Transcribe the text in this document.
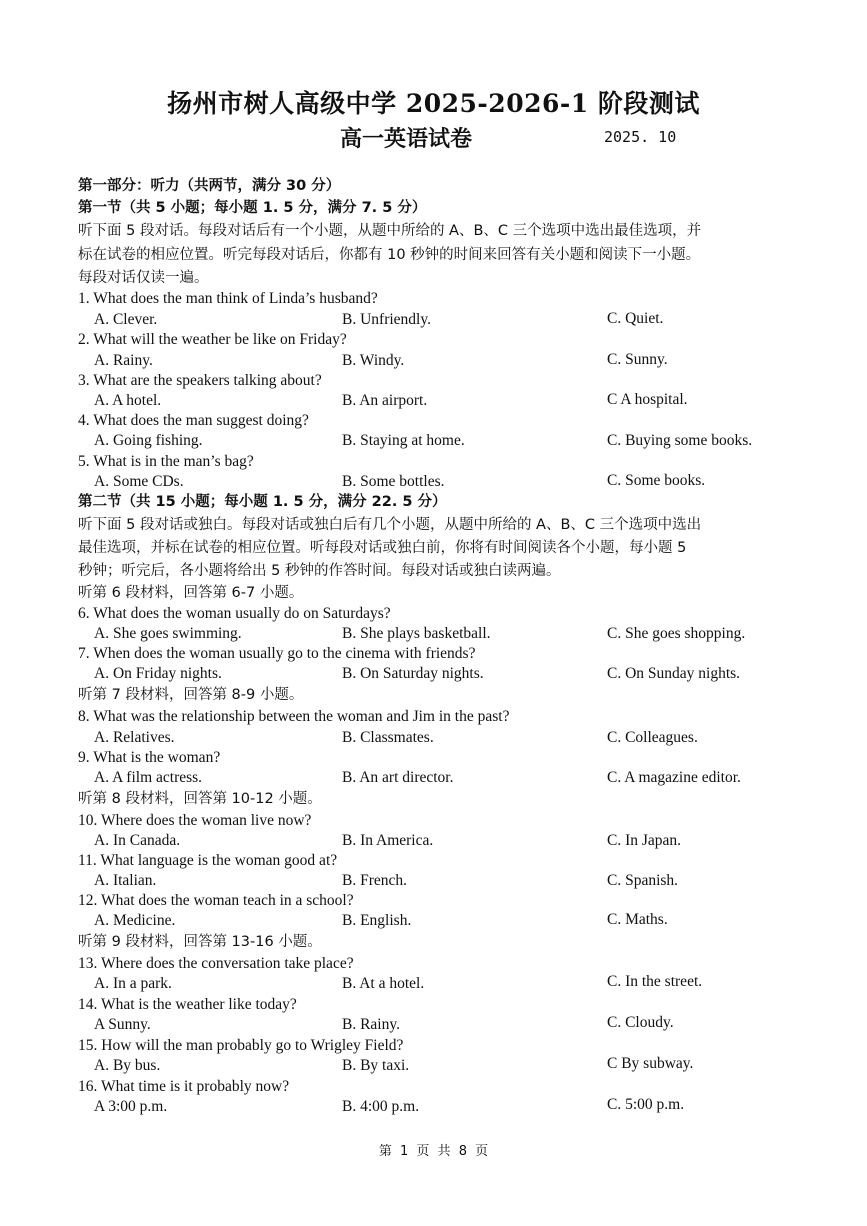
扬州市树人高级中学 2025-2026-1 阶段测试
高一英语试卷	2025. 10
第一部分：听力（共两节，满分 30 分）
第一节（共 5 小题；每小题 1. 5 分，满分 7. 5 分）
听下面 5 段对话。每段对话后有一个小题，从题中所给的 A、B、C 三个选项中选出最佳选项，并
标在试卷的相应位置。听完每段对话后，你都有 10 秒钟的时间来回答有关小题和阅读下一小题。
每段对话仅读一遍。
1. What does the man think of Linda’s husband?
A. Clever.	B. Unfriendly.	C. Quiet.
2. What will the weather be like on Friday?
A. Rainy.	B. Windy.	C. Sunny.
3. What are the speakers talking about?
A. A hotel.	B. An airport.	C A hospital.
4. What does the man suggest doing?
A. Going fishing.	B. Staying at home.	C. Buying some books.
5. What is in the man’s bag?
A. Some CDs.	B. Some bottles.	C. Some books.
第二节（共 15 小题；每小题 1. 5 分，满分 22. 5 分）
听下面 5 段对话或独白。每段对话或独白后有几个小题，从题中所给的 A、B、C 三个选项中选出
最佳选项，并标在试卷的相应位置。听每段对话或独白前，你将有时间阅读各个小题，每小题 5
秒钟；听完后，各小题将给出 5 秒钟的作答时间。每段对话或独白读两遍。
听第 6 段材料，回答第 6-7 小题。
6. What does the woman usually do on Saturdays?
A. She goes swimming.	B. She plays basketball.	C. She goes shopping.
7. When does the woman usually go to the cinema with friends?
A. On Friday nights.	B. On Saturday nights.	C. On Sunday nights.
听第 7 段材料，回答第 8-9 小题。
8. What was the relationship between the woman and Jim in the past?
A. Relatives.	B. Classmates.	C. Colleagues.
9. What is the woman?
A. A film actress.	B. An art director.	C. A magazine editor.
听第 8 段材料，回答第 10-12 小题。
10. Where does the woman live now?
A. In Canada.	B. In America.	C. In Japan.
11. What language is the woman good at?
A. Italian.	B. French.	C. Spanish.
12. What does the woman teach in a school?
A. Medicine.	B. English.	C. Maths.
听第 9 段材料，回答第 13-16 小题。
13. Where does the conversation take place?
A. In a park.	B. At a hotel.	C. In the street.
14. What is the weather like today?
A Sunny.	B. Rainy.	C. Cloudy.
15. How will the man probably go to Wrigley Field?
A. By bus.	B. By taxi.	C By subway.
16. What time is it probably now?
A 3:00 p.m.	B. 4:00 p.m.	C. 5:00 p.m.
第 1 页 共 8 页
